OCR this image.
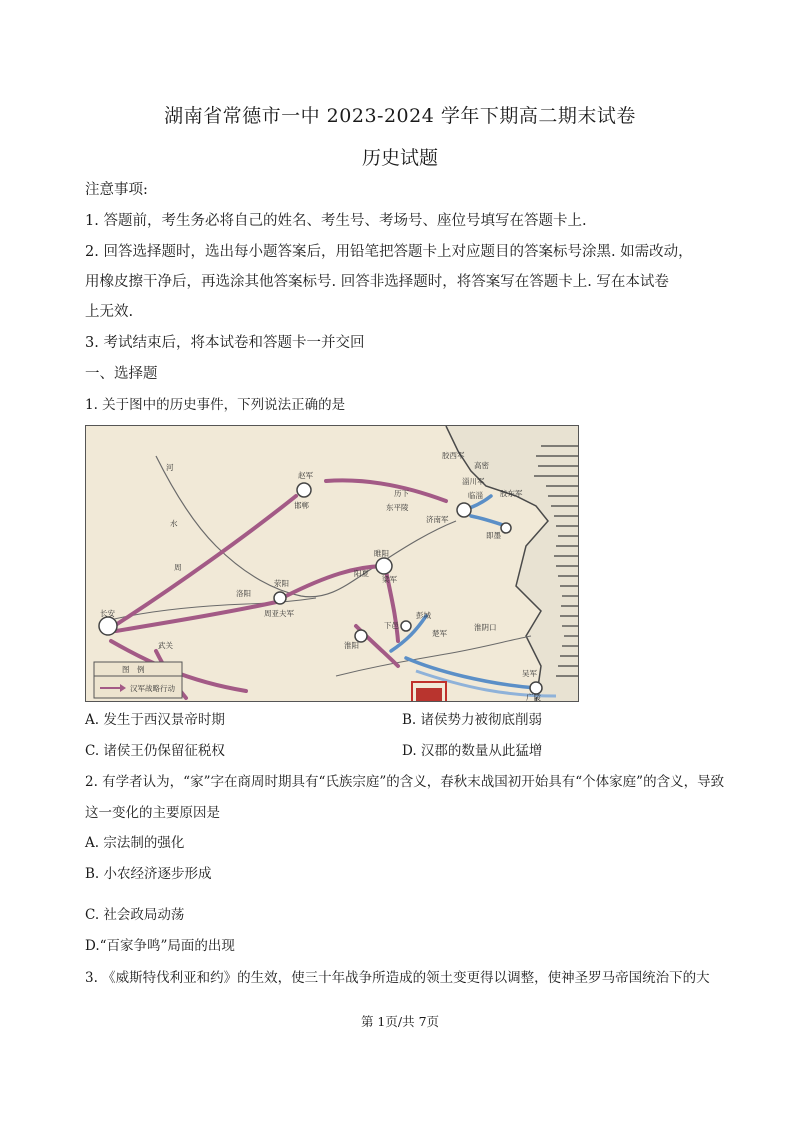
湖南省常德市一中 2023-2024 学年下期高二期末试卷
历史试题
注意事项:
1. 答题前，考生务必将自己的姓名、考生号、考场号、座位号填写在答题卡上.
2. 回答选择题时，选出每小题答案后，用铅笔把答题卡上对应题目的答案标号涂黑. 如需改动，
用橡皮擦干净后，再选涂其他答案标号. 回答非选择题时，将答案写在答题卡上. 写在本试卷
上无效.
3. 考试结束后，将本试卷和答题卡一并交回
一、选择题
1. 关于图中的历史事件，下列说法正确的是
长安
武关
洛阳
荥阳
邯郸
赵军
临淄
胶西军
高密
胶东军
即墨
淄川军
济南军
东平陵
历下
睢阳
梁军
彭城
楚军
下邑
淮阳
吴军
广陵
淮阴口
周亚夫军
河
水
周
阳夏
图　例
汉军战略行动
A. 发生于西汉景帝时期	B. 诸侯势力被彻底削弱
C. 诸侯王仍保留征税权	D. 汉郡的数量从此猛增
2. 有学者认为，“家”字在商周时期具有“氏族宗庭”的含义，春秋末战国初开始具有“个体家庭”的含义，导致
这一变化的主要原因是
A. 宗法制的强化
B. 小农经济逐步形成
C. 社会政局动荡
D.“百家争鸣”局面的出现
3. 《威斯特伐利亚和约》的生效，使三十年战争所造成的领土变更得以调整，使神圣罗马帝国统治下的大
第 1页/共 7页
